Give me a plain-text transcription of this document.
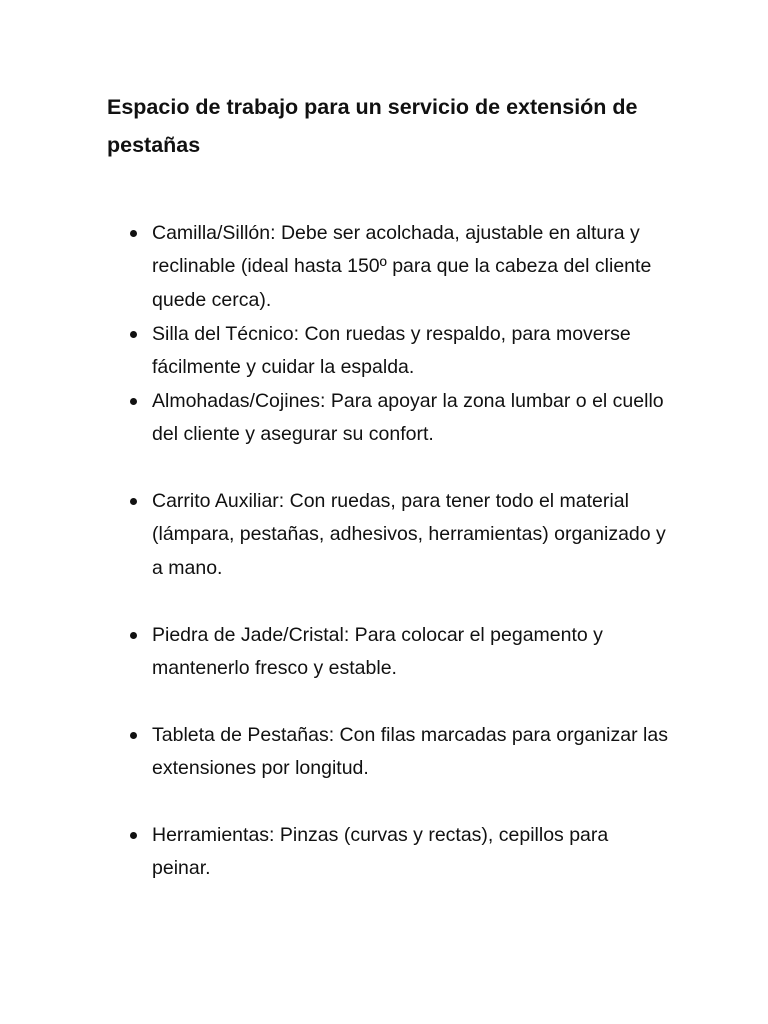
Espacio de trabajo para un servicio de extensión de pestañas
Camilla/Sillón: Debe ser acolchada, ajustable en altura y reclinable (ideal hasta 150º para que la cabeza del cliente quede cerca).
Silla del Técnico: Con ruedas y respaldo, para moverse fácilmente y cuidar la espalda.
Almohadas/Cojines: Para apoyar la zona lumbar o el cuello del cliente y asegurar su confort.
Carrito Auxiliar: Con ruedas, para tener todo el material (lámpara, pestañas, adhesivos, herramientas) organizado y a mano.
Piedra de Jade/Cristal: Para colocar el pegamento y mantenerlo fresco y estable.
Tableta de Pestañas: Con filas marcadas para organizar las extensiones por longitud.
Herramientas: Pinzas (curvas y rectas), cepillos para peinar.
